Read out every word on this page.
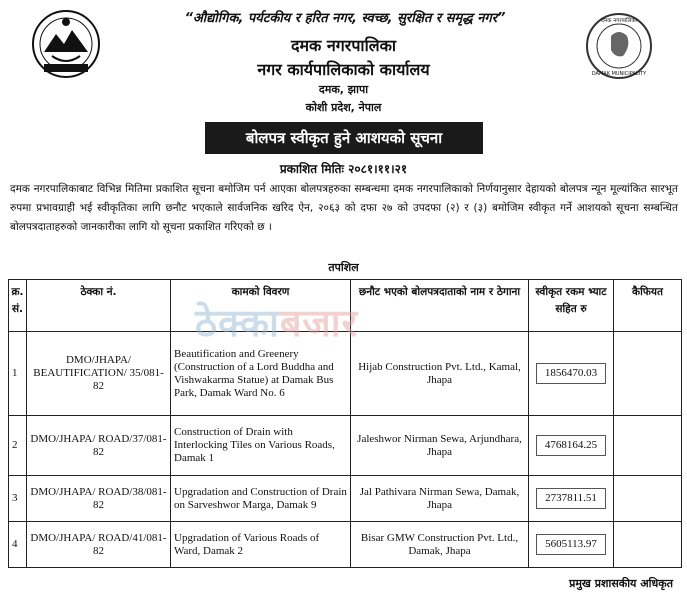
“औद्योगिक, पर्यटकीय र हरित नगर, स्वच्छ, सुरक्षित र समृद्ध नगर”
दमक नगरपालिका
नगर कार्यपालिकाको कार्यालय
दमक, झापा
कोशी प्रदेश, नेपाल
दमक नगरपालिका
DAMAK MUNICIPALITY
बोलपत्र स्वीकृत हुने आशयको सूचना
प्रकाशित मितिः २०८१।११।२१
दमक नगरपालिकाबाट विभिन्न मितिमा प्रकाशित सूचना बमोजिम पर्न आएका बोलपत्रहरुका सम्बन्धमा दमक नगरपालिकाको निर्णयानुसार देहायको बोलपत्र न्यून मूल्यांकित सारभूत रुपमा प्रभावग्राही भई स्वीकृतिका लागि छनौट भएकाले सार्वजनिक खरिद ऐन, २०६३ को दफा २७ को उपदफा (२) र (३) बमोजिम स्वीकृत गर्ने आशयको सूचना सम्बन्धित बोलपत्रदाताहरुको जानकारीका लागि यो सूचना प्रकाशित गरिएको छ ।
तपशिल
क्र. सं.	ठेक्का नं.	कामको विवरण	छनौट भएको बोलपत्रदाताको नाम र ठेगाना	स्वीकृत रकम भ्याट सहित रु	कैफियत
1	DMO/JHAPA/ BEAUTIFICATION/ 35/081-82	Beautification and Greenery (Construction of a Lord Buddha and Vishwakarma Statue) at Damak Bus Park, Damak Ward No. 6	Hijab Construction Pvt. Ltd., Kamal, Jhapa	1856470.03	
2	DMO/JHAPA/ ROAD/37/081-82	Construction of Drain with Interlocking Tiles on Various Roads, Damak 1	Jaleshwor Nirman Sewa, Arjundhara, Jhapa	4768164.25	
3	DMO/JHAPA/ ROAD/38/081-82	Upgradation and Construction of Drain on Sarveshwor Marga, Damak 9	Jal Pathivara Nirman Sewa, Damak, Jhapa	2737811.51	
4	DMO/JHAPA/ ROAD/41/081-82	Upgradation of Various Roads of Ward, Damak 2	Bisar GMW Construction Pvt. Ltd., Damak, Jhapa	5605113.97	
ठेक्काबजार
प्रमुख प्रशासकीय अधिकृत
